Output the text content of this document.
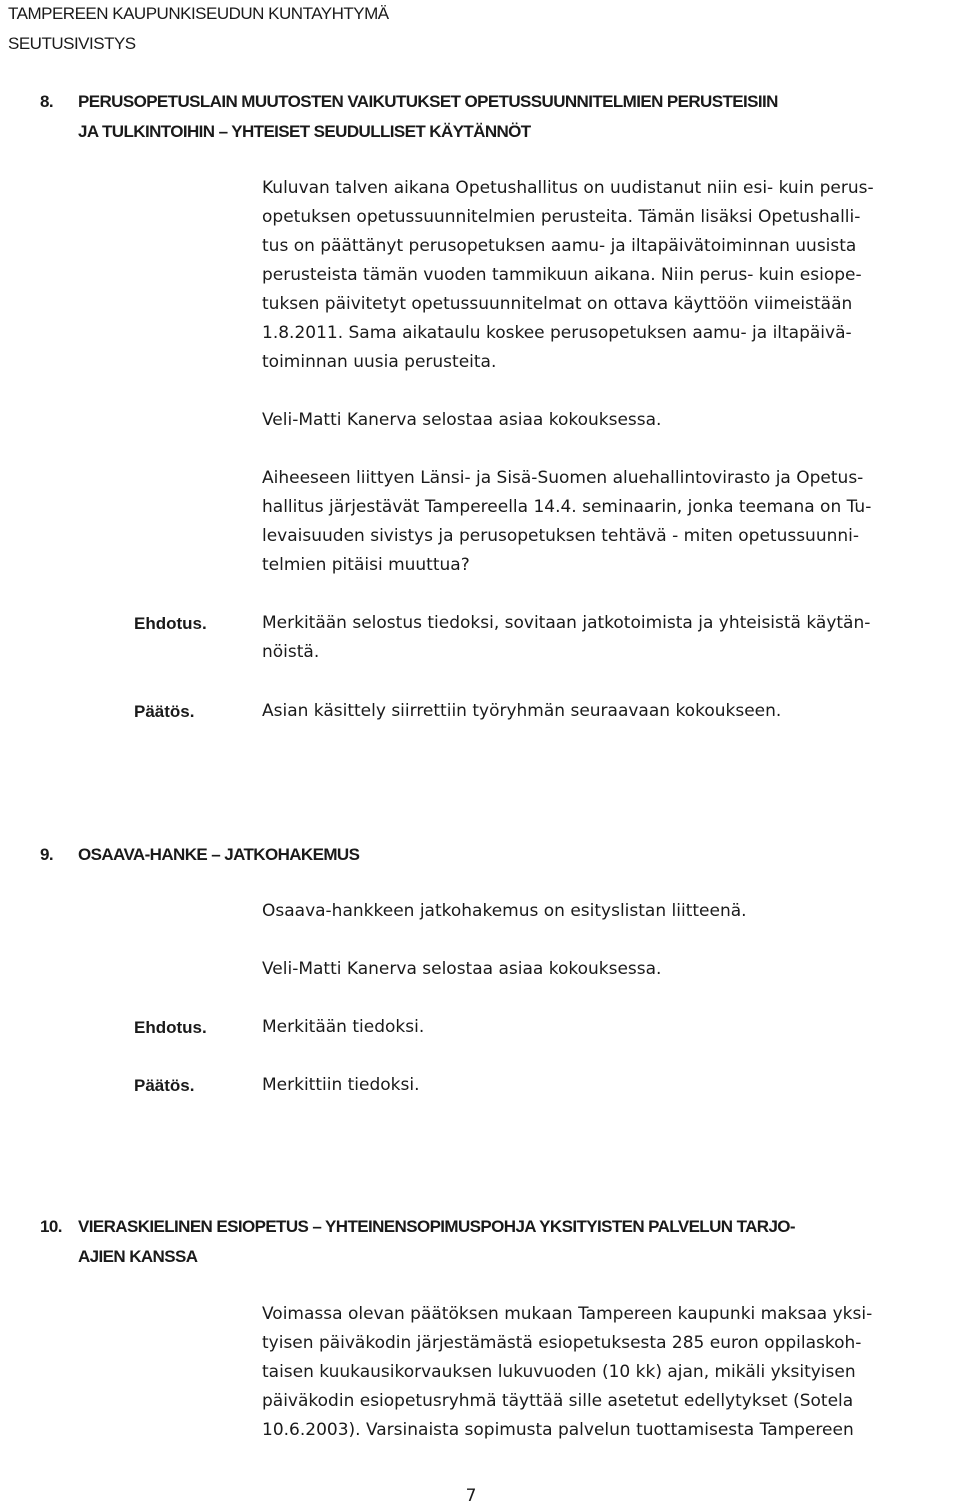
TAMPEREEN KAUPUNKISEUDUN KUNTAYHTYMÄ
SEUTUSIVISTYS
8. PERUSOPETUSLAIN MUUTOSTEN VAIKUTUKSET OPETUSSUUNNITELMIEN PERUSTEISIIN
JA TULKINTOIHIN – YHTEISET SEUDULLISET KÄYTÄNNÖT
Kuluvan talven aikana Opetushallitus on uudistanut niin esi- kuin perus-
opetuksen opetussuunnitelmien perusteita. Tämän lisäksi Opetushalli-
tus on päättänyt perusopetuksen aamu- ja iltapäivätoiminnan uusista
perusteista tämän vuoden tammikuun aikana. Niin perus- kuin esiope-
tuksen päivitetyt opetussuunnitelmat on ottava käyttöön viimeistään
1.8.2011. Sama aikataulu koskee perusopetuksen aamu- ja iltapäivä-
toiminnan uusia perusteita.
Veli-Matti Kanerva selostaa asiaa kokouksessa.
Aiheeseen liittyen Länsi- ja Sisä-Suomen aluehallintovirasto ja Opetus-
hallitus järjestävät Tampereella 14.4. seminaarin, jonka teemana on Tu-
levaisuuden sivistys ja perusopetuksen tehtävä - miten opetussuunni-
telmien pitäisi muuttua?
Ehdotus.	Merkitään selostus tiedoksi, sovitaan jatkotoimista ja yhteisistä käytän-
nöistä.
Päätös.	Asian käsittely siirrettiin työryhmän seuraavaan kokoukseen.
9. OSAAVA-HANKE – JATKOHAKEMUS
Osaava-hankkeen jatkohakemus on esityslistan liitteenä.
Veli-Matti Kanerva selostaa asiaa kokouksessa.
Ehdotus.	Merkitään tiedoksi.
Päätös.	Merkittiin tiedoksi.
10. VIERASKIELINEN ESIOPETUS – YHTEINENSOPIMUSPOHJA YKSITYISTEN PALVELUN TARJO-
AJIEN KANSSA
Voimassa olevan päätöksen mukaan Tampereen kaupunki maksaa yksi-
tyisen päiväkodin järjestämästä esiopetuksesta 285 euron oppilaskoh-
taisen kuukausikorvauksen lukuvuoden (10 kk) ajan, mikäli yksityisen
päiväkodin esiopetusryhmä täyttää sille asetetut edellytykset (Sotela
10.6.2003). Varsinaista sopimusta palvelun tuottamisesta Tampereen
7
